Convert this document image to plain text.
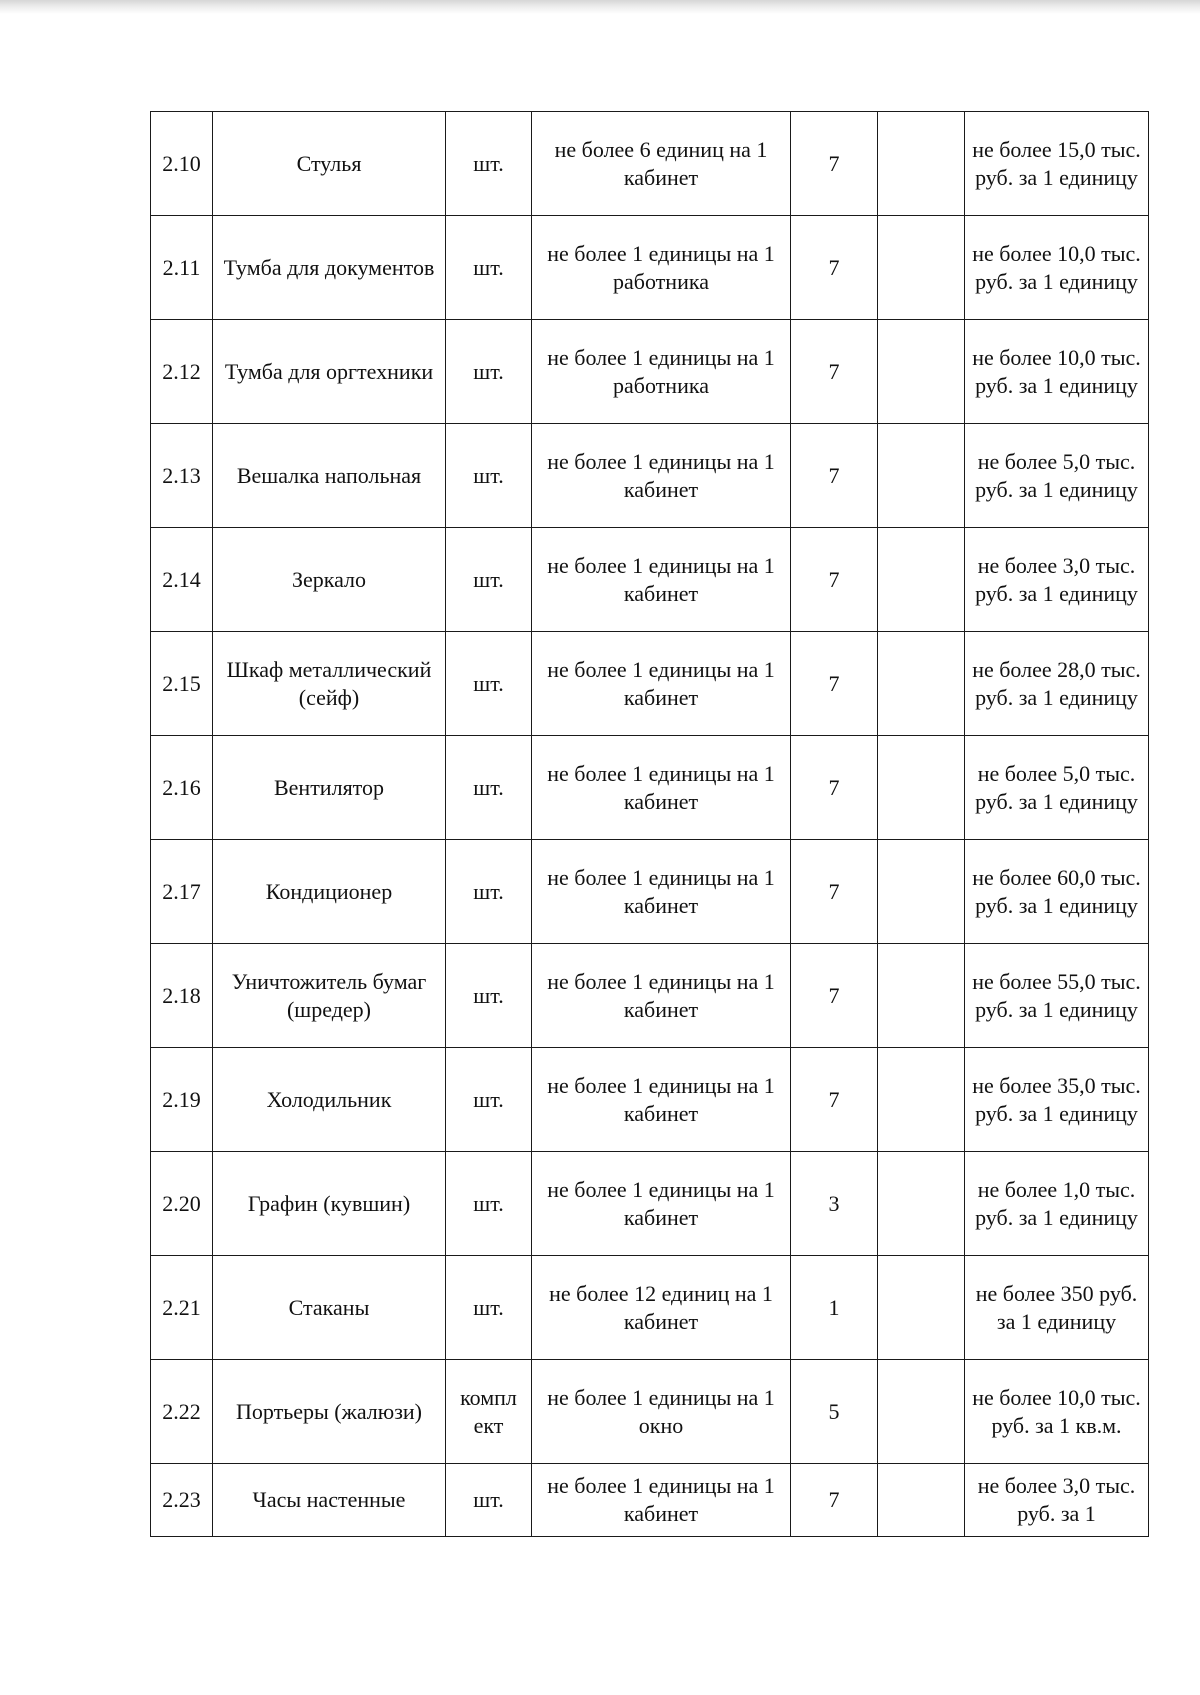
2.10	Стулья	шт.	не более 6 единиц на 1 кабинет	7		не более 15,0 тыс. руб. за 1 единицу
2.11	Тумба для документов	шт.	не более 1 единицы на 1 работника	7		не более 10,0 тыс. руб. за 1 единицу
2.12	Тумба для оргтехники	шт.	не более 1 единицы на 1 работника	7		не более 10,0 тыс. руб. за 1 единицу
2.13	Вешалка напольная	шт.	не более 1 единицы на 1 кабинет	7		не более 5,0 тыс. руб. за 1 единицу
2.14	Зеркало	шт.	не более 1 единицы на 1 кабинет	7		не более 3,0 тыс. руб. за 1 единицу
2.15	Шкаф металлический (сейф)	шт.	не более 1 единицы на 1 кабинет	7		не более 28,0 тыс. руб. за 1 единицу
2.16	Вентилятор	шт.	не более 1 единицы на 1 кабинет	7		не более 5,0 тыс. руб. за 1 единицу
2.17	Кондиционер	шт.	не более 1 единицы на 1 кабинет	7		не более 60,0 тыс. руб. за 1 единицу
2.18	Уничтожитель бумаг (шредер)	шт.	не более 1 единицы на 1 кабинет	7		не более 55,0 тыс. руб. за 1 единицу
2.19	Холодильник	шт.	не более 1 единицы на 1 кабинет	7		не более 35,0 тыс. руб. за 1 единицу
2.20	Графин (кувшин)	шт.	не более 1 единицы на 1 кабинет	3		не более 1,0 тыс. руб. за 1 единицу
2.21	Стаканы	шт.	не более 12 единиц на 1 кабинет	1		не более 350 руб. за 1 единицу
2.22	Портьеры (жалюзи)	компл ект	не более 1 единицы на 1 окно	5		не более 10,0 тыс. руб. за 1 кв.м.
2.23	Часы настенные	шт.	не более 1 единицы на 1 кабинет	7		не более 3,0 тыс. руб. за 1
